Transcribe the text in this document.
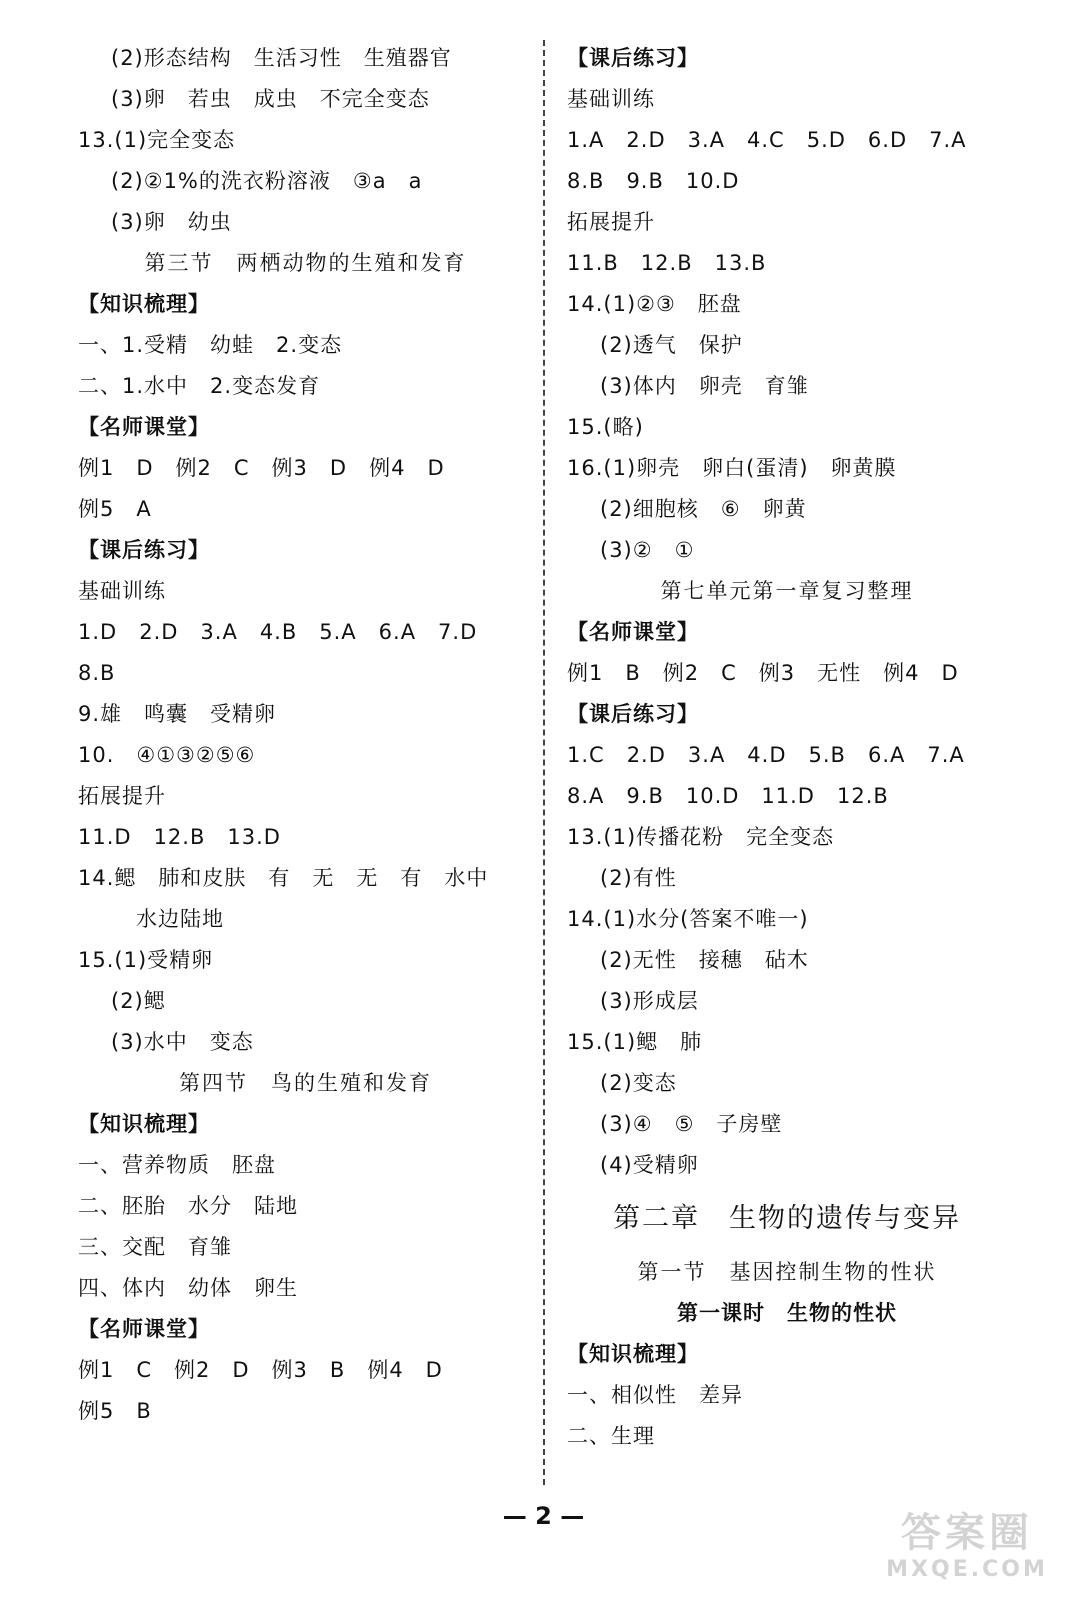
(2)形态结构　生活习性　生殖器官
(3)卵　若虫　成虫　不完全变态
13.(1)完全变态
(2)②1%的洗衣粉溶液　③a　a
(3)卵　幼虫
第三节　两栖动物的生殖和发育
【知识梳理】
一、1.受精　幼蛙　2.变态
二、1.水中　2.变态发育
【名师课堂】
例1　D　例2　C　例3　D　例4　D
例5　A
【课后练习】
基础训练
1.D　2.D　3.A　4.B　5.A　6.A　7.D
8.B
9.雄　鸣囊　受精卵
10.　④①③②⑤⑥
拓展提升
11.D　12.B　13.D
14.鳃　肺和皮肤　有　无　无　有　水中
水边陆地
15.(1)受精卵
(2)鳃
(3)水中　变态
第四节　鸟的生殖和发育
【知识梳理】
一、营养物质　胚盘
二、胚胎　水分　陆地
三、交配　育雏
四、体内　幼体　卵生
【名师课堂】
例1　C　例2　D　例3　B　例4　D
例5　B
【课后练习】
基础训练
1.A　2.D　3.A　4.C　5.D　6.D　7.A
8.B　9.B　10.D
拓展提升
11.B　12.B　13.B
14.(1)②③　胚盘
(2)透气　保护
(3)体内　卵壳　育雏
15.(略)
16.(1)卵壳　卵白(蛋清)　卵黄膜
(2)细胞核　⑥　卵黄
(3)②　①
第七单元第一章复习整理
【名师课堂】
例1　B　例2　C　例3　无性　例4　D
【课后练习】
1.C　2.D　3.A　4.D　5.B　6.A　7.A
8.A　9.B　10.D　11.D　12.B
13.(1)传播花粉　完全变态
(2)有性
14.(1)水分(答案不唯一)
(2)无性　接穗　砧木
(3)形成层
15.(1)鳃　肺
(2)变态
(3)④　⑤　子房壁
(4)受精卵
第二章　生物的遗传与变异
第一节　基因控制生物的性状
第一课时　生物的性状
【知识梳理】
一、相似性　差异
二、生理
— 2 —	答案圈
MXQE.COM
